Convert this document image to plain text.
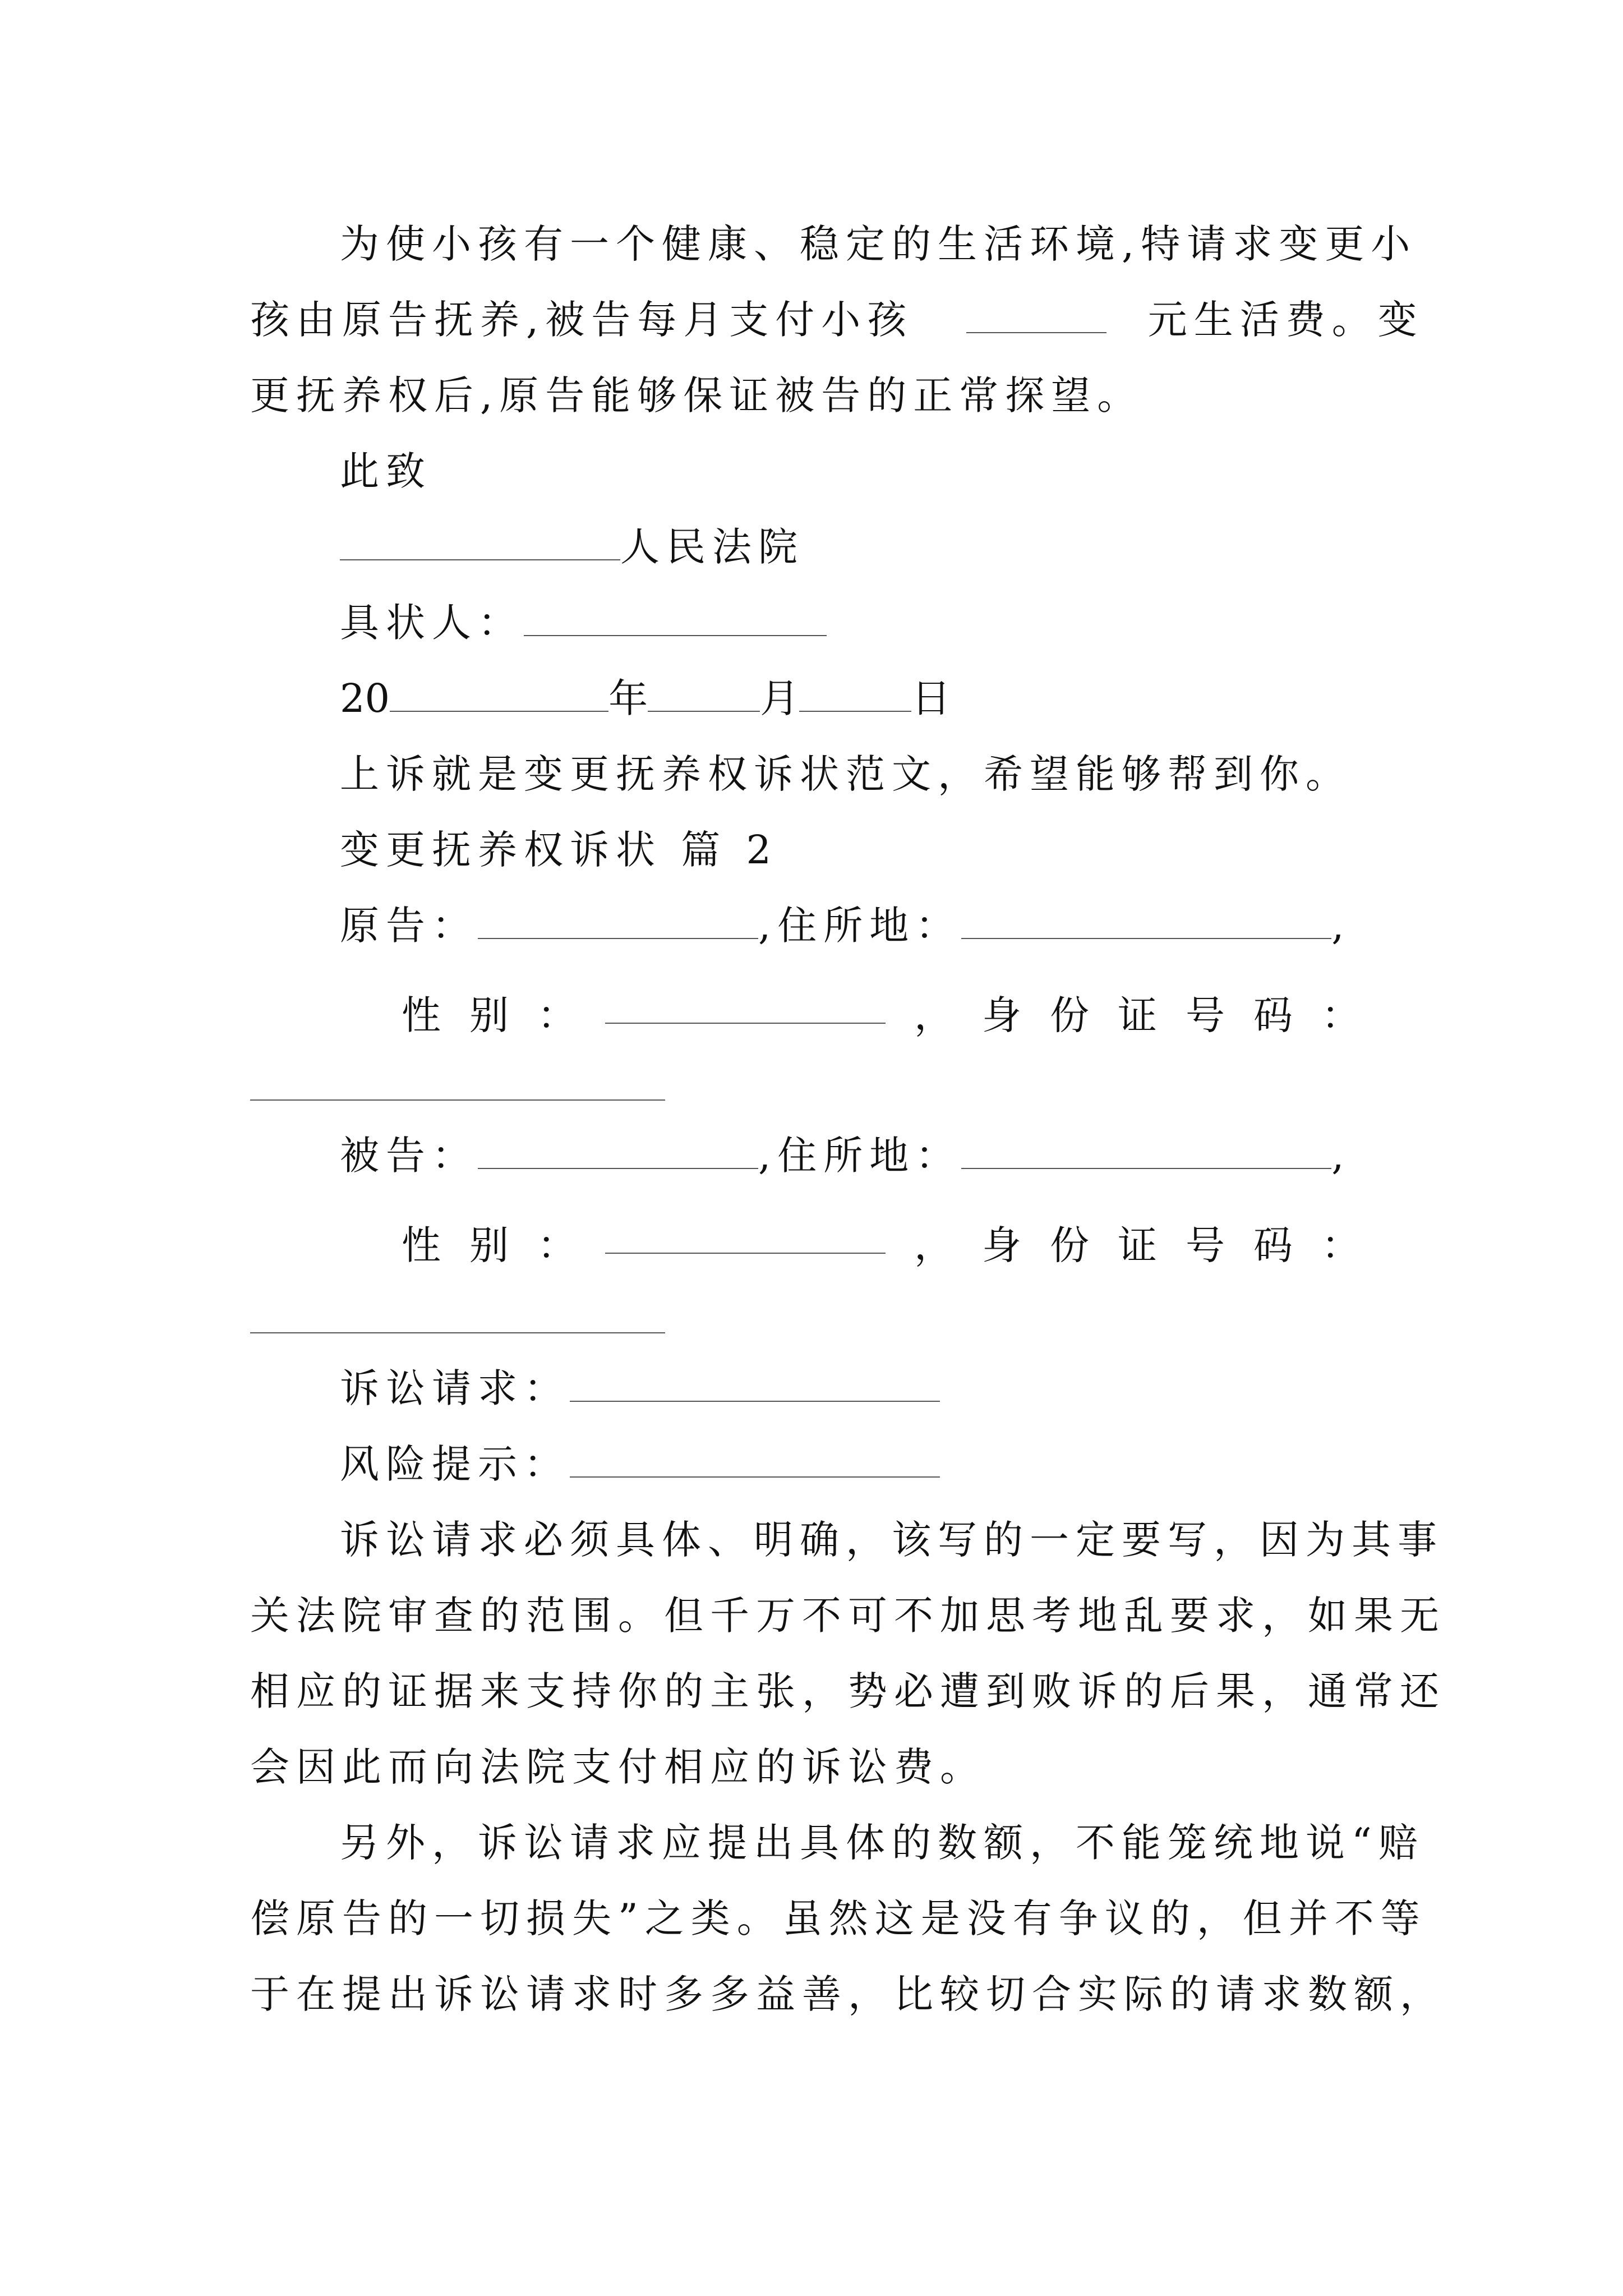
为使小孩有一个健康、稳定的生活环境,特请求变更小
孩由原告抚养,被告每月支付小孩	元生活费。变
更抚养权后,原告能够保证被告的正常探望。
此致
人民法院
具状人：
20	年	月	日
上诉就是变更抚养权诉状范文，希望能够帮到你。
变更抚养权诉状 篇 2
原告：	,住所地：	,
性 别 ：	， 身 份 证 号 码 ：
被告：	,住所地：	,
性 别 ：	， 身 份 证 号 码 ：
诉讼请求：
风险提示：
诉讼请求必须具体、明确，该写的一定要写，因为其事
关法院审查的范围。但千万不可不加思考地乱要求，如果无
相应的证据来支持你的主张，势必遭到败诉的后果，通常还
会因此而向法院支付相应的诉讼费。
另外，诉讼请求应提出具体的数额，不能笼统地说“赔
偿原告的一切损失”之类。虽然这是没有争议的，但并不等
于在提出诉讼请求时多多益善，比较切合实际的请求数额，
